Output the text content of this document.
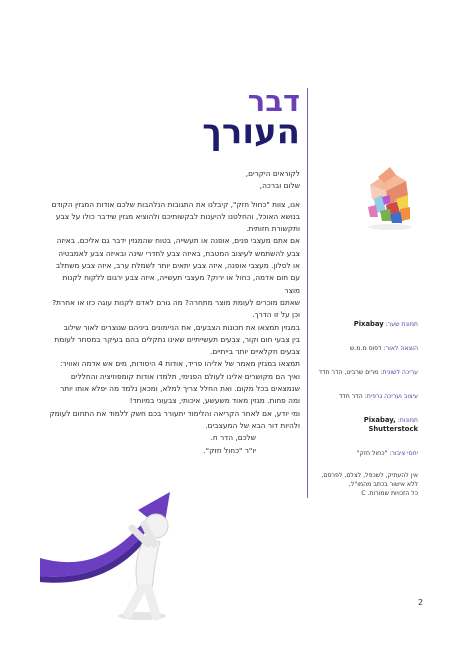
דבר
העורך

לקוראים היקרים,

שלום וברכה,

אנו, צוות "כחול חזק", קיבלנו את התגובות הנלהבות שלכם אודות המגזין הקודם

בנושא האוכל, והחלטנו להיענות לבקשותיכם ולהוציא מגזין שידבר כולו על צבע

ותקשורת חזותית.

אם אתם מעצבי פנים, אופנה או תעשייה, בטוח שהמגזין ידבר גם אליכם. באיזה

צבע להשתמש לעיצוב המטבח, באיזה צבע לחדרי שינה ובאיזה צבע לאמבטיה

או לסלון. מעצבי אופנה, איזה צבע יתאים יותר לשמלת ערב, איזה צבע משתלב

עם חום אדמה, כחול או ירוק? מעצבי תעשייה, איזה צבע ירגום ללקוח לקנות מוצר

שאתם מוכרים לעומת מוצר מתחרה? מה גורם לאדם לקנות עוגה כזו או אחרת?

וכן על זו הדרך.

במגזין תמצאו את תכונות הצבעים, את הניימונים ביניהם שנוצרים לאור שילוב

בין צבעי חום וקור, צבעים תעשייתיים שאינו נתקלים בהם בעיקר במסחר לעומת

צבעים חקלאיים יותר בייתיים.

תמצאו במגזין מאמר של אליהו פריד, אודות 4 היסודות, מים אש אדמה ואוויר:

ואיך הם מקושרים אלינו לעולם הפנימי, תלמדו אודות קומפוזיציה והחללים

שנמצאים בכל מקום. ואת החלל צריך למלא, ומכאן נלמד מה יפלא אותו יותר

ומה פחות. מגזין מאוד משעשע, איכותי, צבעוני במיוחד!

ומי יודע, אם לאחר הקריאה והלימוד יתעורר בכם חשק ללמוד את התחום לעומק

ולהיות דור הבא של המעצבים.

שלכם, הדר ח.

יו"ר "כחול חזק".

תמונת שער: Pixabay
הוצאה לאור: דפוס מ.מ.ש
עריכה לשונית: מרים שרביט, הדר חדד
עיצוב ועריכה גרפית: הדר חדד
תמונות: Pixabay, Shutterstock
יחסי ציבור: "כחול חזק"
אין להעתיק, לשכפל, לצלם, לפרסם,
ללא אישור בכתב מהמו"ל,
כל הזכויות שמורות. C
2
